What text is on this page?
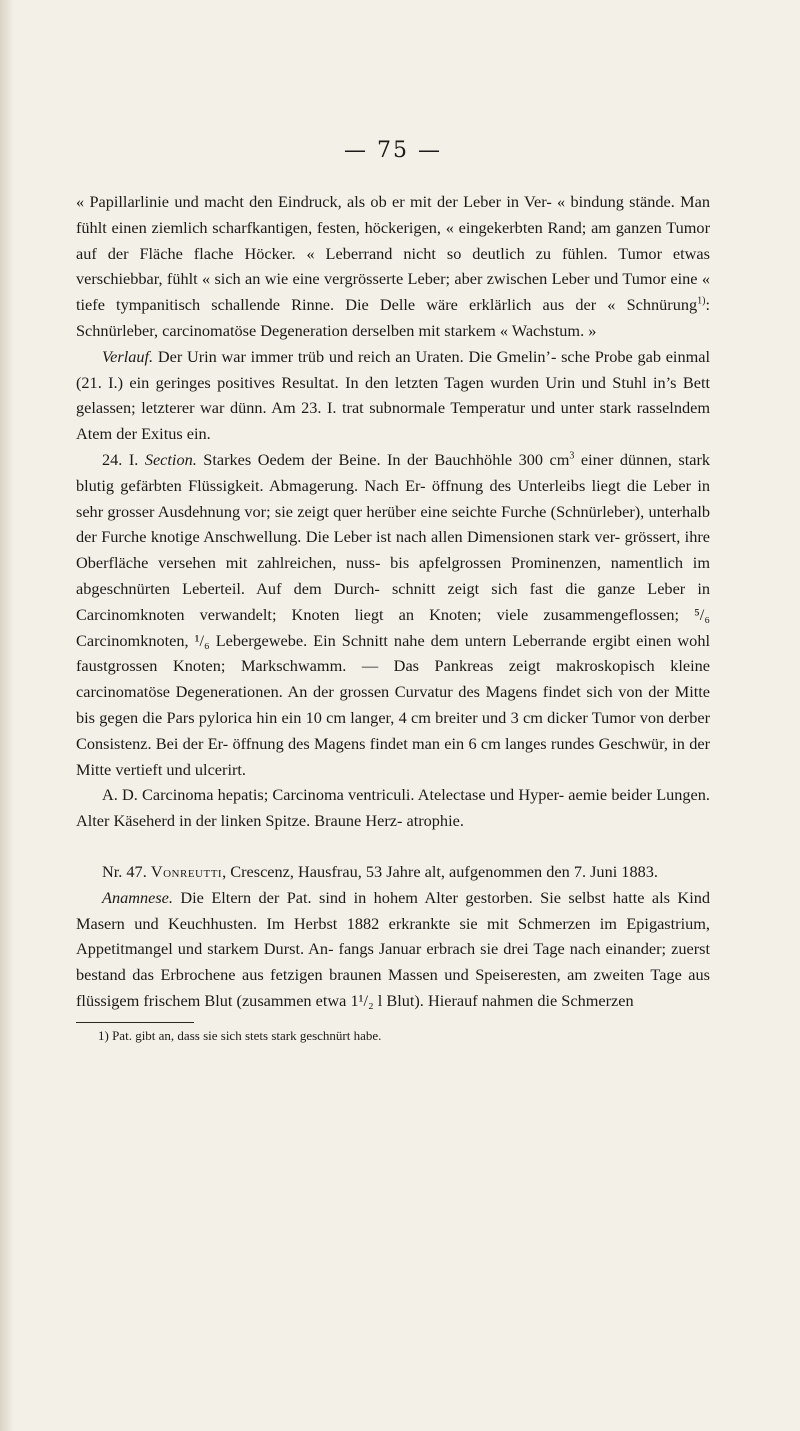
— 75 —

« Papillarlinie und macht den Eindruck, als ob er mit der Leber in Ver- « bindung stände. Man fühlt einen ziemlich scharfkantigen, festen, höckerigen, « eingekerbten Rand; am ganzen Tumor auf der Fläche flache Höcker. « Leberrand nicht so deutlich zu fühlen. Tumor etwas verschiebbar, fühlt « sich an wie eine vergrösserte Leber; aber zwischen Leber und Tumor eine « tiefe tympanitisch schallende Rinne. Die Delle wäre erklärlich aus der « Schnürung$^{1)}$: Schnürleber, carcinomatöse Degeneration derselben mit starkem « Wachstum. »

Verlauf. Der Urin war immer trüb und reich an Uraten. Die Gmelin’- sche Probe gab einmal (21. I.) ein geringes positives Resultat. In den letzten Tagen wurden Urin und Stuhl in’s Bett gelassen; letzterer war dünn. Am 23. I. trat subnormale Temperatur und unter stark rasselndem Atem der Exitus ein.

24. I. Section. Starkes Oedem der Beine. In der Bauchhöhle 300 $cm^3$ einer dünnen, stark blutig gefärbten Flüssigkeit. Abmagerung. Nach Er- öffnung des Unterleibs liegt die Leber in sehr grosser Ausdehnung vor; sie zeigt quer herüber eine seichte Furche (Schnürleber), unterhalb der Furche knotige Anschwellung. Die Leber ist nach allen Dimensionen stark ver- grössert, ihre Oberfläche versehen mit zahlreichen, nuss- bis apfelgrossen Prominenzen, namentlich im abgeschnürten Leberteil. Auf dem Durch- schnitt zeigt sich fast die ganze Leber in Carcinomknoten verwandelt; Knoten liegt an Knoten; viele zusammengeflossen; ⁵/₆ Carcinomknoten, ¹/₆ Lebergewebe. Ein Schnitt nahe dem untern Leberrande ergibt einen wohl faustgrossen Knoten; Markschwamm. — Das Pankreas zeigt makroskopisch kleine carcinomatöse Degenerationen. An der grossen Curvatur des Magens findet sich von der Mitte bis gegen die Pars pylorica hin ein 10 cm langer, 4 cm breiter und 3 cm dicker Tumor von derber Consistenz. Bei der Er- öffnung des Magens findet man ein 6 cm langes rundes Geschwür, in der Mitte vertieft und ulcerirt.

A. D. Carcinoma hepatis; Carcinoma ventriculi. Atelectase und Hyper- aemie beider Lungen. Alter Käseherd in der linken Spitze. Braune Herz- atrophie.

Nr. 47. Vonreutti, Crescenz, Hausfrau, 53 Jahre alt, aufgenommen den 7. Juni 1883.

Anamnese. Die Eltern der Pat. sind in hohem Alter gestorben. Sie selbst hatte als Kind Masern und Keuchhusten. Im Herbst 1882 erkrankte sie mit Schmerzen im Epigastrium, Appetitmangel und starkem Durst. An- fangs Januar erbrach sie drei Tage nach einander; zuerst bestand das Erbrochene aus fetzigen braunen Massen und Speiseresten, am zweiten Tage aus flüssigem frischem Blut (zusammen etwa 1¹/₂ l Blut). Hierauf nahmen die Schmerzen

1) Pat. gibt an, dass sie sich stets stark geschnürt habe.
